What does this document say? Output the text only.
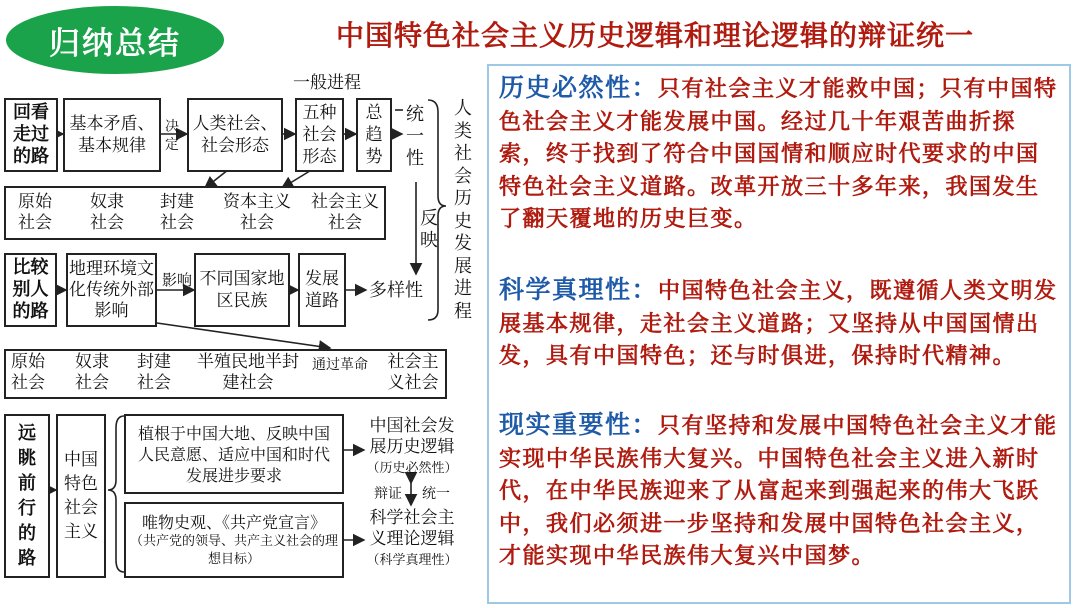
归纳总结	中国特色社会主义历史逻辑和理论逻辑的辩证统一
一般进程
回看走过的路
基本矛盾、基本规律
决定
人类社会、社会形态
五种社会形态
总趋势
统一性
原始社会
奴隶社会
封建社会
资本主义社会
社会主义社会	反映
人类社会历史发展进程
比较别人的路
地理环境文化传统外部影响
影响 不同国家地区民族
发展道路	多样性
原始社会
奴隶社会
封建社会
半殖民地半封建社会
通过革命	社会主义社会
远眺前行的路
中国特色社会主义
植根于中国大地、反映中国人民意愿、适应中国和时代发展进步要求
唯物史观、《共产党宣言》
（共产党的领导、共产主义社会的理想目标）
中国社会发展历史逻辑
（历史必然性）
辩证 统一
科学社会主义理论逻辑
（科学真理性）
历史必然性：只有社会主义才能救中国；只有中国特色社会主义才能发展中国。经过几十年艰苦曲折探索，终于找到了符合中国国情和顺应时代要求的中国特色社会主义道路。改革开放三十多年来，我国发生了翻天覆地的历史巨变。
科学真理性：中国特色社会主义，既遵循人类文明发展基本规律，走社会主义道路；又坚持从中国国情出发，具有中国特色；还与时俱进，保持时代精神。
现实重要性：只有坚持和发展中国特色社会主义才能实现中华民族伟大复兴。中国特色社会主义进入新时代，在中华民族迎来了从富起来到强起来的伟大飞跃中，我们必须进一步坚持和发展中国特色社会主义，才能实现中华民族伟大复兴中国梦。
